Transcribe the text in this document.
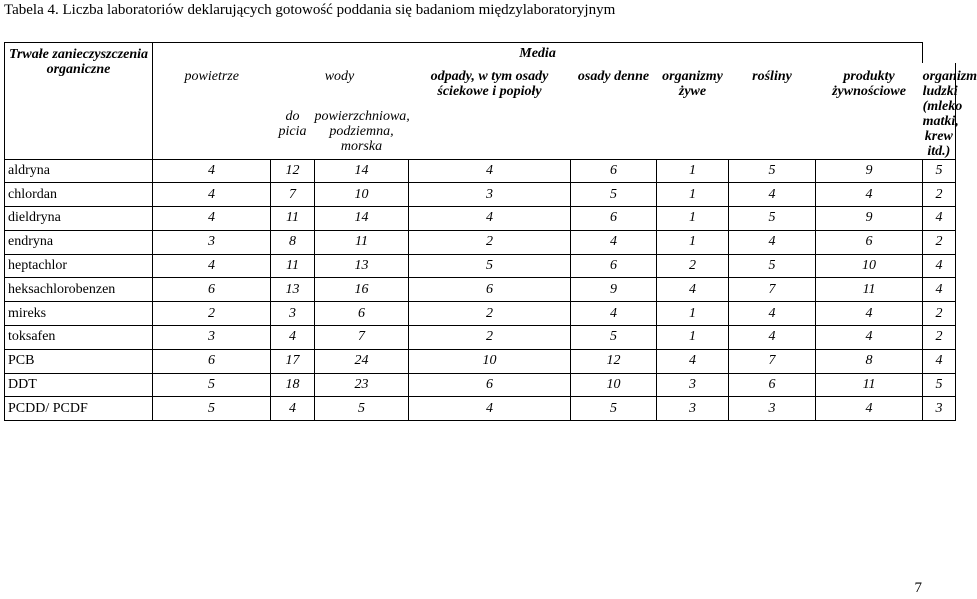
Tabela 4. Liczba laboratoriów deklarujących gotowość poddania się badaniom międzylaboratoryjnym
Trwałe zanieczyszczenia organiczne	Media								
	powietrze	wody		odpady, w tym osady ściekowe i popioły	osady denne	organizmy żywe	rośliny	produkty żywnościowe	organizm ludzki (mleko matki, krew itd.)
		do picia	powierzchniowa, podziemna, morska						
aldryna	4	12	14	4	6	1	5	9	5
chlordan	4	7	10	3	5	1	4	4	2
dieldryna	4	11	14	4	6	1	5	9	4
endryna	3	8	11	2	4	1	4	6	2
heptachlor	4	11	13	5	6	2	5	10	4
heksachlorobenzen	6	13	16	6	9	4	7	11	4
mireks	2	3	6	2	4	1	4	4	2
toksafen	3	4	7	2	5	1	4	4	2
PCB	6	17	24	10	12	4	7	8	4
DDT	5	18	23	6	10	3	6	11	5
PCDD/ PCDF	5	4	5	4	5	3	3	4	3
7
